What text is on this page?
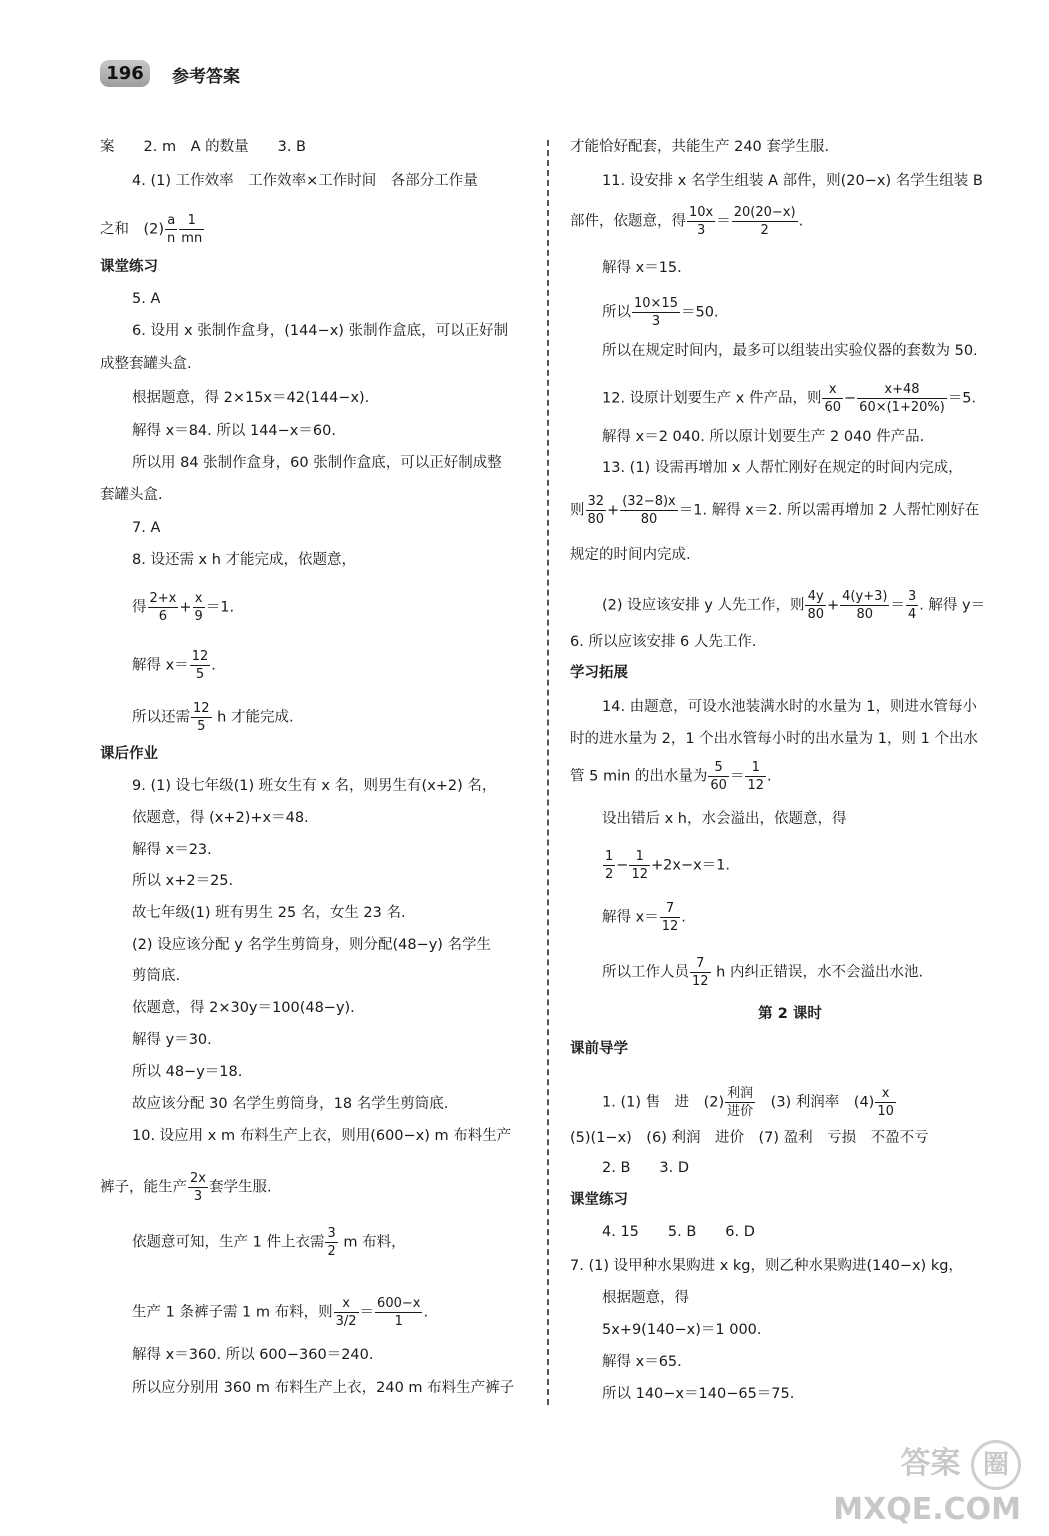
196	参考答案
案　　2. m　A 的数量　　3. B
4. (1) 工作效率　工作效率×工作时间　各部分工作量
之和　$(2) \frac{a}{n} \frac{1}{mn}$
课堂练习
5. A
6. 设用 x 张制作盒身，(144−x) 张制作盒底，可以正好制
成整套罐头盒.
根据题意，得 2×15x＝42(144−x).
解得 x＝84. 所以 144−x＝60.
所以用 84 张制作盒身，60 张制作盒底，可以正好制成整
套罐头盒.
7. A
8. 设还需 x h 才能完成，依题意，
得 $\frac{2+x}{6} + \frac{x}{9} =1$.
解得 $x= \frac{12}{5}$ .
所以还需 $\frac{12}{5}$ h 才能完成.
课后作业
9. (1) 设七年级(1) 班女生有 x 名，则男生有(x+2) 名，
依题意，得 (x+2)+x＝48.
解得 x＝23.
所以 x+2＝25.
故七年级(1) 班有男生 25 名，女生 23 名.
(2) 设应该分配 y 名学生剪筒身，则分配(48−y) 名学生
剪筒底.
依题意，得 2×30y＝100(48−y).
解得 y＝30.
所以 48−y＝18.
故应该分配 30 名学生剪筒身，18 名学生剪筒底.
10. 设应用 x m 布料生产上衣，则用(600−x) m 布料生产
裤子，能生产 $\frac{2x}{3}$ 套学生服.
依题意可知，生产 1 件上衣需 $\frac{3}{2}$ m 布料，
生产 1 条裤子需 1 m 布料，则 $\frac{x}{3/2} = \frac{600-x}{1}$ .
解得 x＝360. 所以 600−360＝240.
所以应分别用 360 m 布料生产上衣，240 m 布料生产裤子
才能恰好配套，共能生产 240 套学生服.
11. 设安排 x 名学生组装 A 部件，则(20−x) 名学生组装 B
部件，依题意，得 $\frac{10x}{3} = \frac{20(20-x)}{2}$ .
解得 x＝15.
所以 $\frac{10\times 15}{3} =50$.
所以在规定时间内，最多可以组装出实验仪器的套数为 50.
12. 设原计划要生产 x 件产品，则 $\frac{x}{60} - \frac{x+48}{60\times(1+20\%)} =5$.
解得 x＝2 040. 所以原计划要生产 2 040 件产品.
13. (1) 设需再增加 x 人帮忙刚好在规定的时间内完成，
则 $\frac{32}{80} + \frac{(32-8)x}{80} =1$. 解得 x＝2. 所以需再增加 2 人帮忙刚好在
规定的时间内完成.
(2) 设应该安排 y 人先工作，则 $\frac{4y}{80} + \frac{4(y+3)}{80} = \frac{3}{4}$ . 解得 y＝
6. 所以应该安排 6 人先工作.
学习拓展
14. 由题意，可设水池装满水时的水量为 1，则进水管每小
时的进水量为 2，1 个出水管每小时的出水量为 1，则 1 个出水
管 5 min 的出水量为 $\frac{5}{60} = \frac{1}{12}$ .
设出错后 x h，水会溢出，依题意，得
$\frac{1}{2} - \frac{1}{12} +2x-x=1$.
解得 $x= \frac{7}{12}$ .
所以工作人员 $\frac{7}{12}$ h 内纠正错误，水不会溢出水池.
第 2 课时
课前导学
1. (1) 售　进　(2)
利润
进价
　(3) 利润率　$(4) \frac{x}{10}$
(5)(1−x)　(6) 利润　进价　(7) 盈利　亏损　不盈不亏
2. B　　3. D
课堂练习
4. 15　　5. B　　6. D
7. (1) 设甲种水果购进 x kg，则乙种水果购进(140−x) kg，
根据题意，得
5x+9(140−x)＝1 000.
解得 x＝65.
所以 140−x＝140−65＝75.
答案 圈
MXQE.COM
